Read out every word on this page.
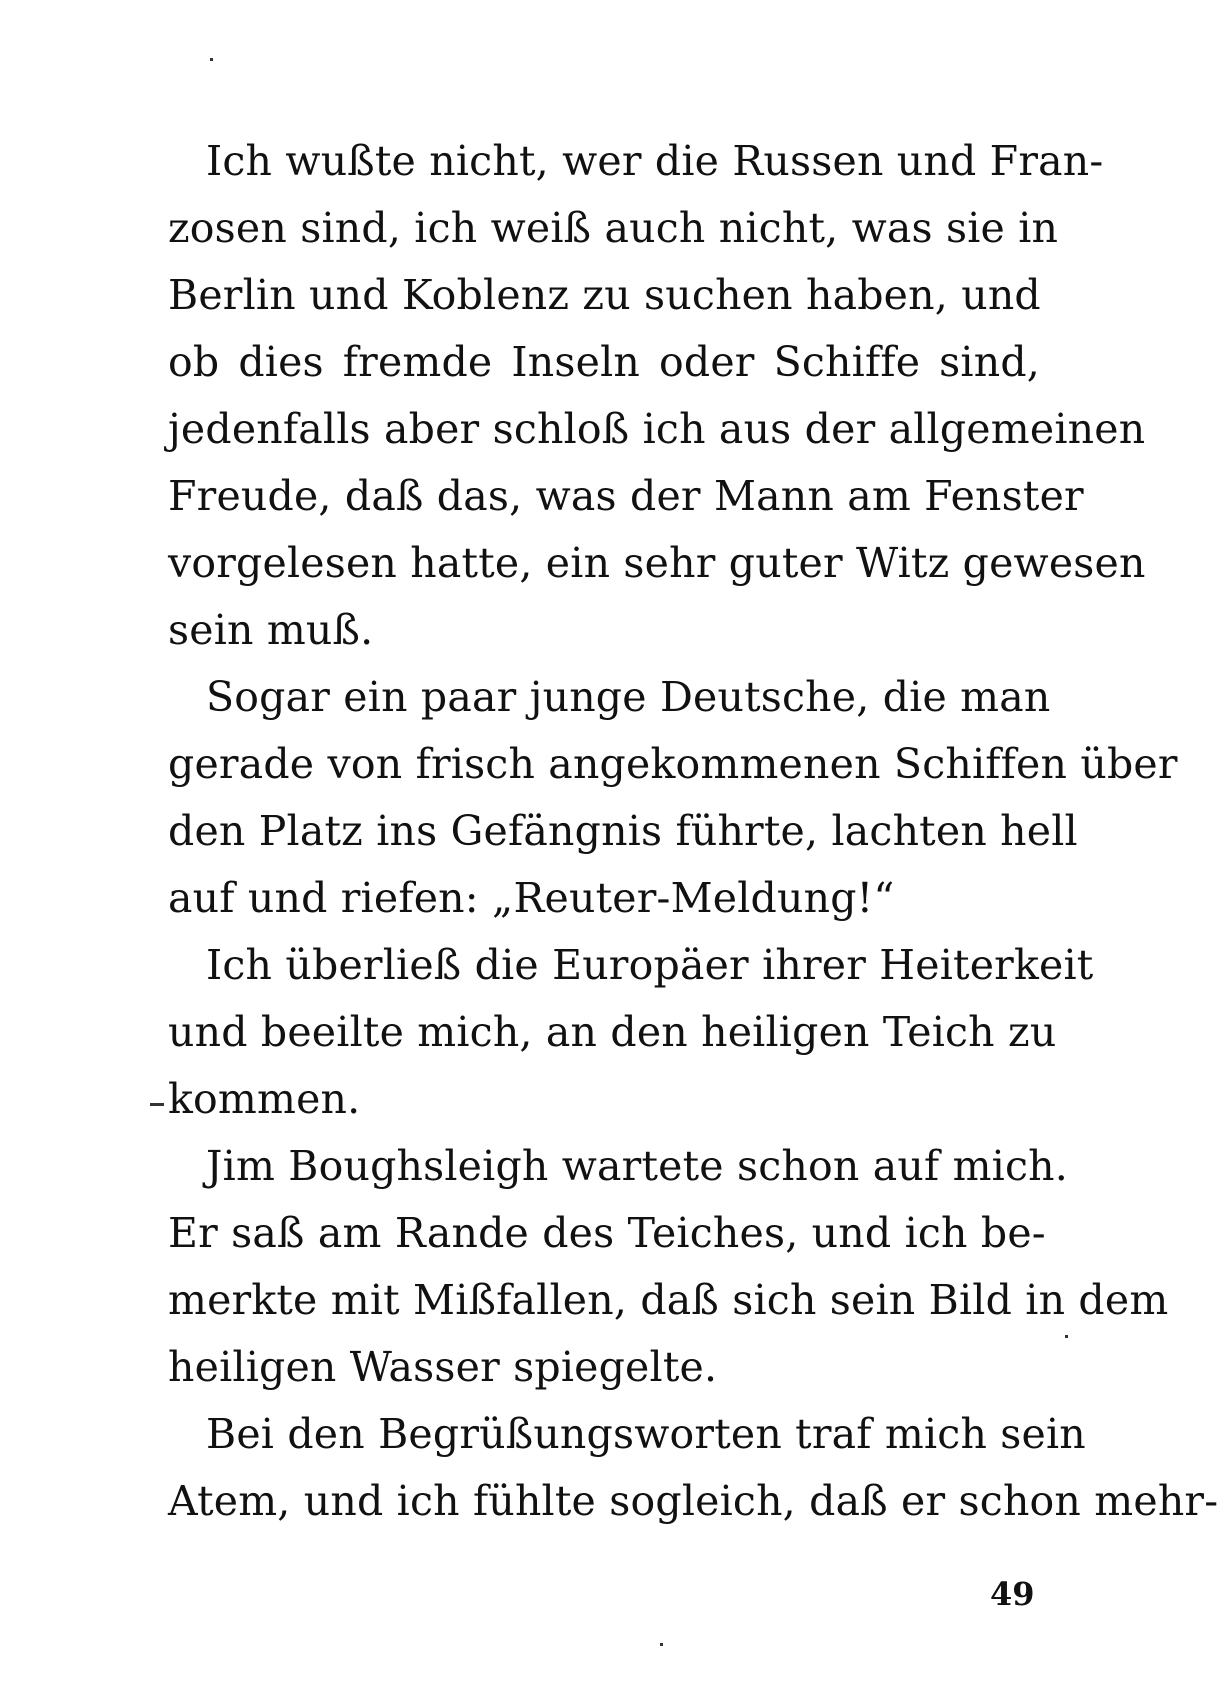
Ich wußte nicht, wer die Russen und Fran-
zosen sind, ich weiß auch nicht, was sie in
Berlin und Koblenz zu suchen haben, und
ob dies fremde Inseln oder Schiffe sind,
jedenfalls aber schloß ich aus der allgemeinen
Freude, daß das, was der Mann am Fenster
vorgelesen hatte, ein sehr guter Witz gewesen
sein muß.
Sogar ein paar junge Deutsche, die man
gerade von frisch angekommenen Schiffen über
den Platz ins Gefängnis führte, lachten hell
auf und riefen: „Reuter-Meldung!“
Ich überließ die Europäer ihrer Heiterkeit
und beeilte mich, an den heiligen Teich zu
kommen.
Jim Boughsleigh wartete schon auf mich.
Er saß am Rande des Teiches, und ich be-
merkte mit Mißfallen, daß sich sein Bild in dem
heiligen Wasser spiegelte.
Bei den Begrüßungsworten traf mich sein
Atem, und ich fühlte sogleich, daß er schon mehr-
49
